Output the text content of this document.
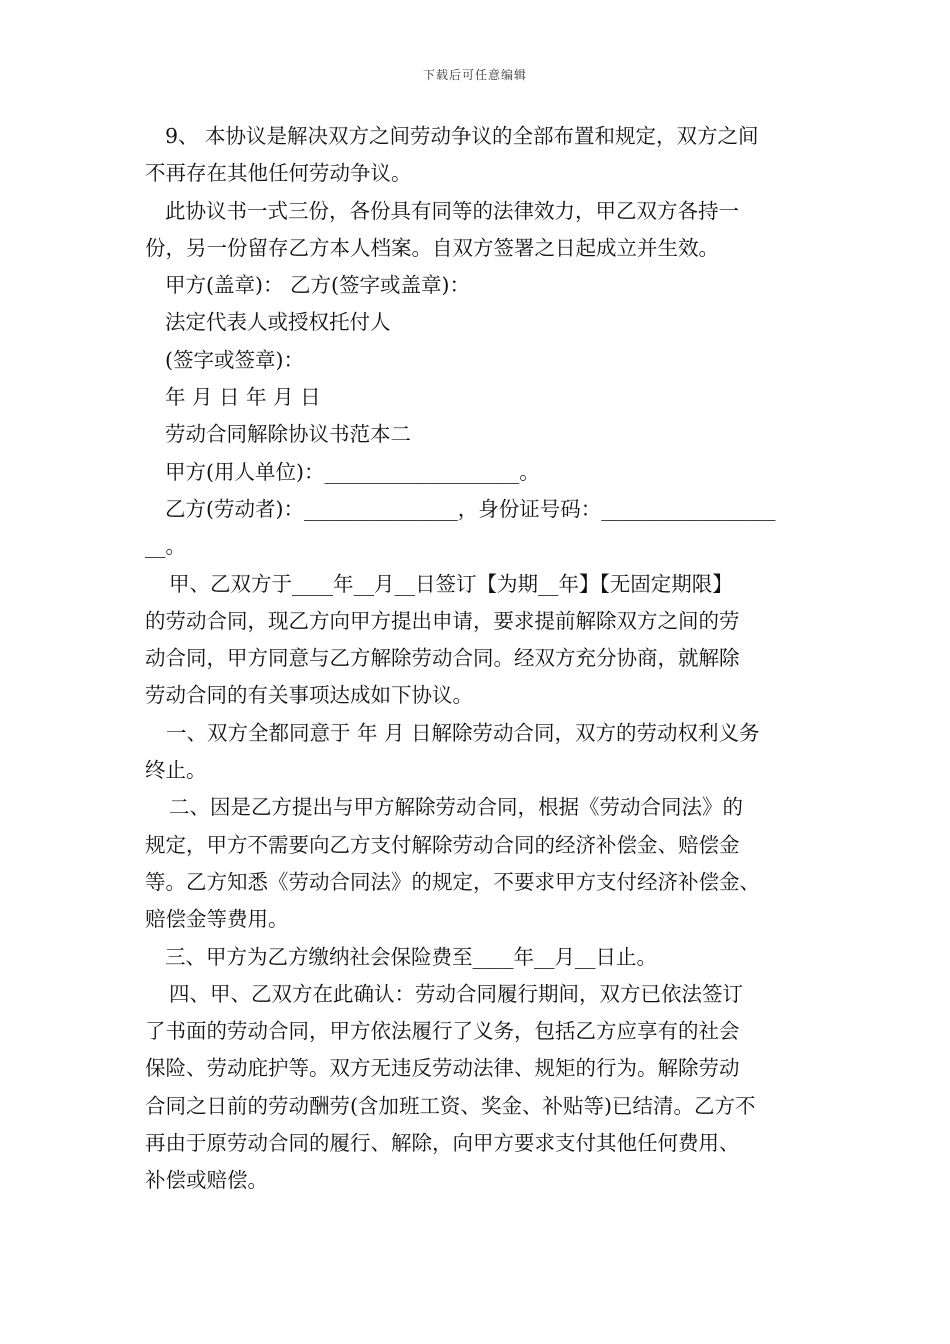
下载后可任意编辑
9、 本协议是解决双方之间劳动争议的全部布置和规定，双方之间
不再存在其他任何劳动争议。
此协议书一式三份，各份具有同等的法律效力，甲乙双方各持一
份，另一份留存乙方本人档案。自双方签署之日起成立并生效。
甲方(盖章)： 乙方(签字或盖章)：
法定代表人或授权托付人
(签字或签章)：
年 月 日 年 月 日
劳动合同解除协议书范本二
甲方(用人单位)：___________________。
乙方(劳动者)：_______________，身份证号码：_________________
__。
甲、乙双方于____年__月__日签订【为期__年】【无固定期限】
的劳动合同，现乙方向甲方提出申请，要求提前解除双方之间的劳
动合同，甲方同意与乙方解除劳动合同。经双方充分协商，就解除
劳动合同的有关事项达成如下协议。
一、双方全都同意于 年 月 日解除劳动合同，双方的劳动权利义务
终止。
二、因是乙方提出与甲方解除劳动合同，根据《劳动合同法》的
规定，甲方不需要向乙方支付解除劳动合同的经济补偿金、赔偿金
等。乙方知悉《劳动合同法》的规定，不要求甲方支付经济补偿金、
赔偿金等费用。
三、甲方为乙方缴纳社会保险费至____年__月__日止。
四、甲、乙双方在此确认：劳动合同履行期间，双方已依法签订
了书面的劳动合同，甲方依法履行了义务，包括乙方应享有的社会
保险、劳动庇护等。双方无违反劳动法律、规矩的行为。解除劳动
合同之日前的劳动酬劳(含加班工资、奖金、补贴等)已结清。乙方不
再由于原劳动合同的履行、解除，向甲方要求支付其他任何费用、
补偿或赔偿。
